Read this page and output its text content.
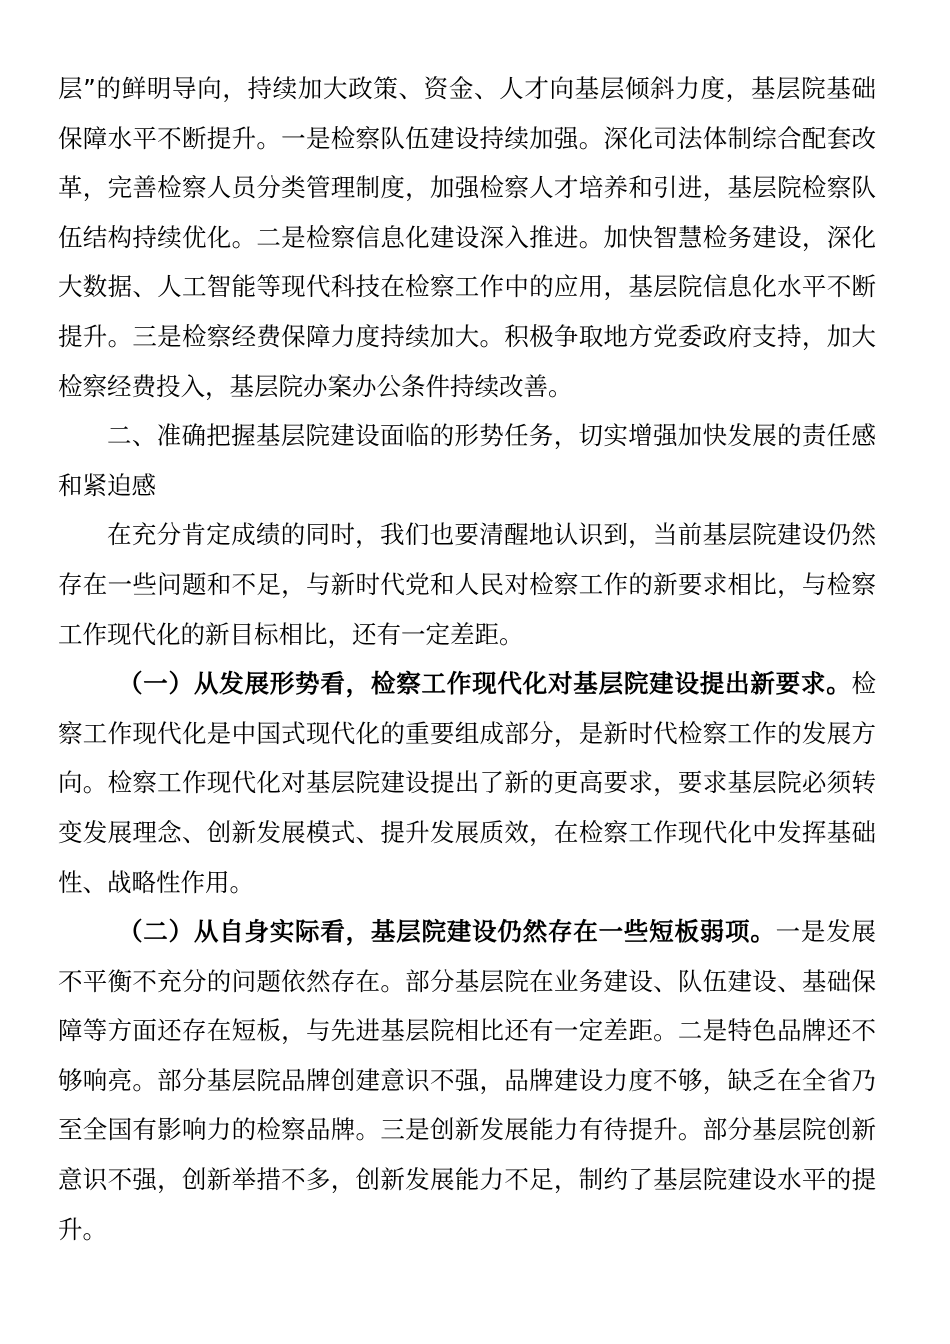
层”的鲜明导向，持续加大政策、资金、人才向基层倾斜力度，基层院基础保障水平不断提升。一是检察队伍建设持续加强。深化司法体制综合配套改革，完善检察人员分类管理制度，加强检察人才培养和引进，基层院检察队伍结构持续优化。二是检察信息化建设深入推进。加快智慧检务建设，深化大数据、人工智能等现代科技在检察工作中的应用，基层院信息化水平不断提升。三是检察经费保障力度持续加大。积极争取地方党委政府支持，加大检察经费投入，基层院办案办公条件持续改善。

二、准确把握基层院建设面临的形势任务，切实增强加快发展的责任感和紧迫感

在充分肯定成绩的同时，我们也要清醒地认识到，当前基层院建设仍然存在一些问题和不足，与新时代党和人民对检察工作的新要求相比，与检察工作现代化的新目标相比，还有一定差距。

（一）从发展形势看，检察工作现代化对基层院建设提出新要求。检察工作现代化是中国式现代化的重要组成部分，是新时代检察工作的发展方向。检察工作现代化对基层院建设提出了新的更高要求，要求基层院必须转变发展理念、创新发展模式、提升发展质效，在检察工作现代化中发挥基础性、战略性作用。

（二）从自身实际看，基层院建设仍然存在一些短板弱项。一是发展不平衡不充分的问题依然存在。部分基层院在业务建设、队伍建设、基础保障等方面还存在短板，与先进基层院相比还有一定差距。二是特色品牌还不够响亮。部分基层院品牌创建意识不强，品牌建设力度不够，缺乏在全省乃至全国有影响力的检察品牌。三是创新发展能力有待提升。部分基层院创新意识不强，创新举措不多，创新发展能力不足，制约了基层院建设水平的提升。
